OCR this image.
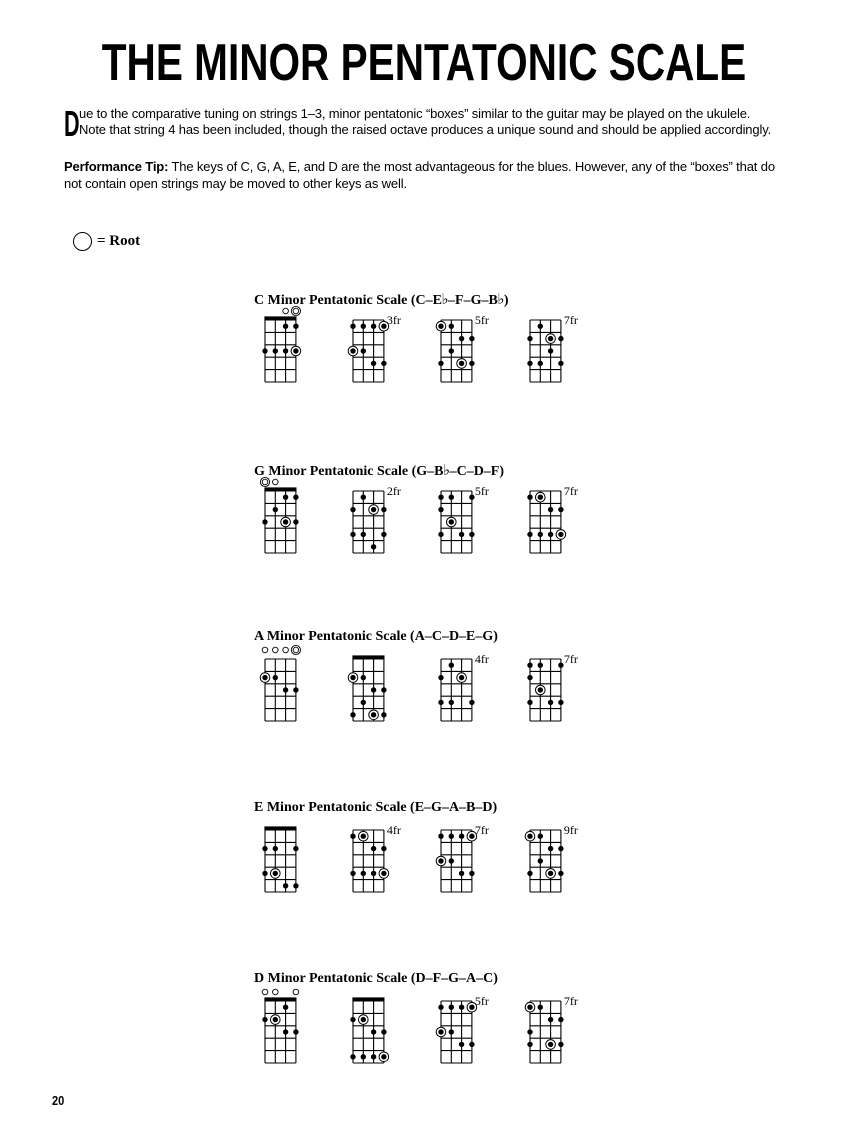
THE MINOR PENTATONIC SCALE
D ue to the comparative tuning on strings 1–3, minor pentatonic “boxes” similar to the guitar may be played on the ukulele.
Note that string 4 has been included, though the raised octave produces a unique sound and should be applied accordingly.
Performance Tip: The keys of C, G, A, E, and D are the most advantageous for the blues. However, any of the “boxes” that do not contain open strings may be moved to other keys as well.
= Root
C Minor Pentatonic Scale (C–E♭–F–G–B♭)
3fr	5fr	7fr
G Minor Pentatonic Scale (G–B♭–C–D–F)
2fr	5fr	7fr
A Minor Pentatonic Scale (A–C–D–E–G)
4fr	7fr
E Minor Pentatonic Scale (E–G–A–B–D)
4fr	7fr	9fr
D Minor Pentatonic Scale (D–F–G–A–C)
5fr	7fr
20
